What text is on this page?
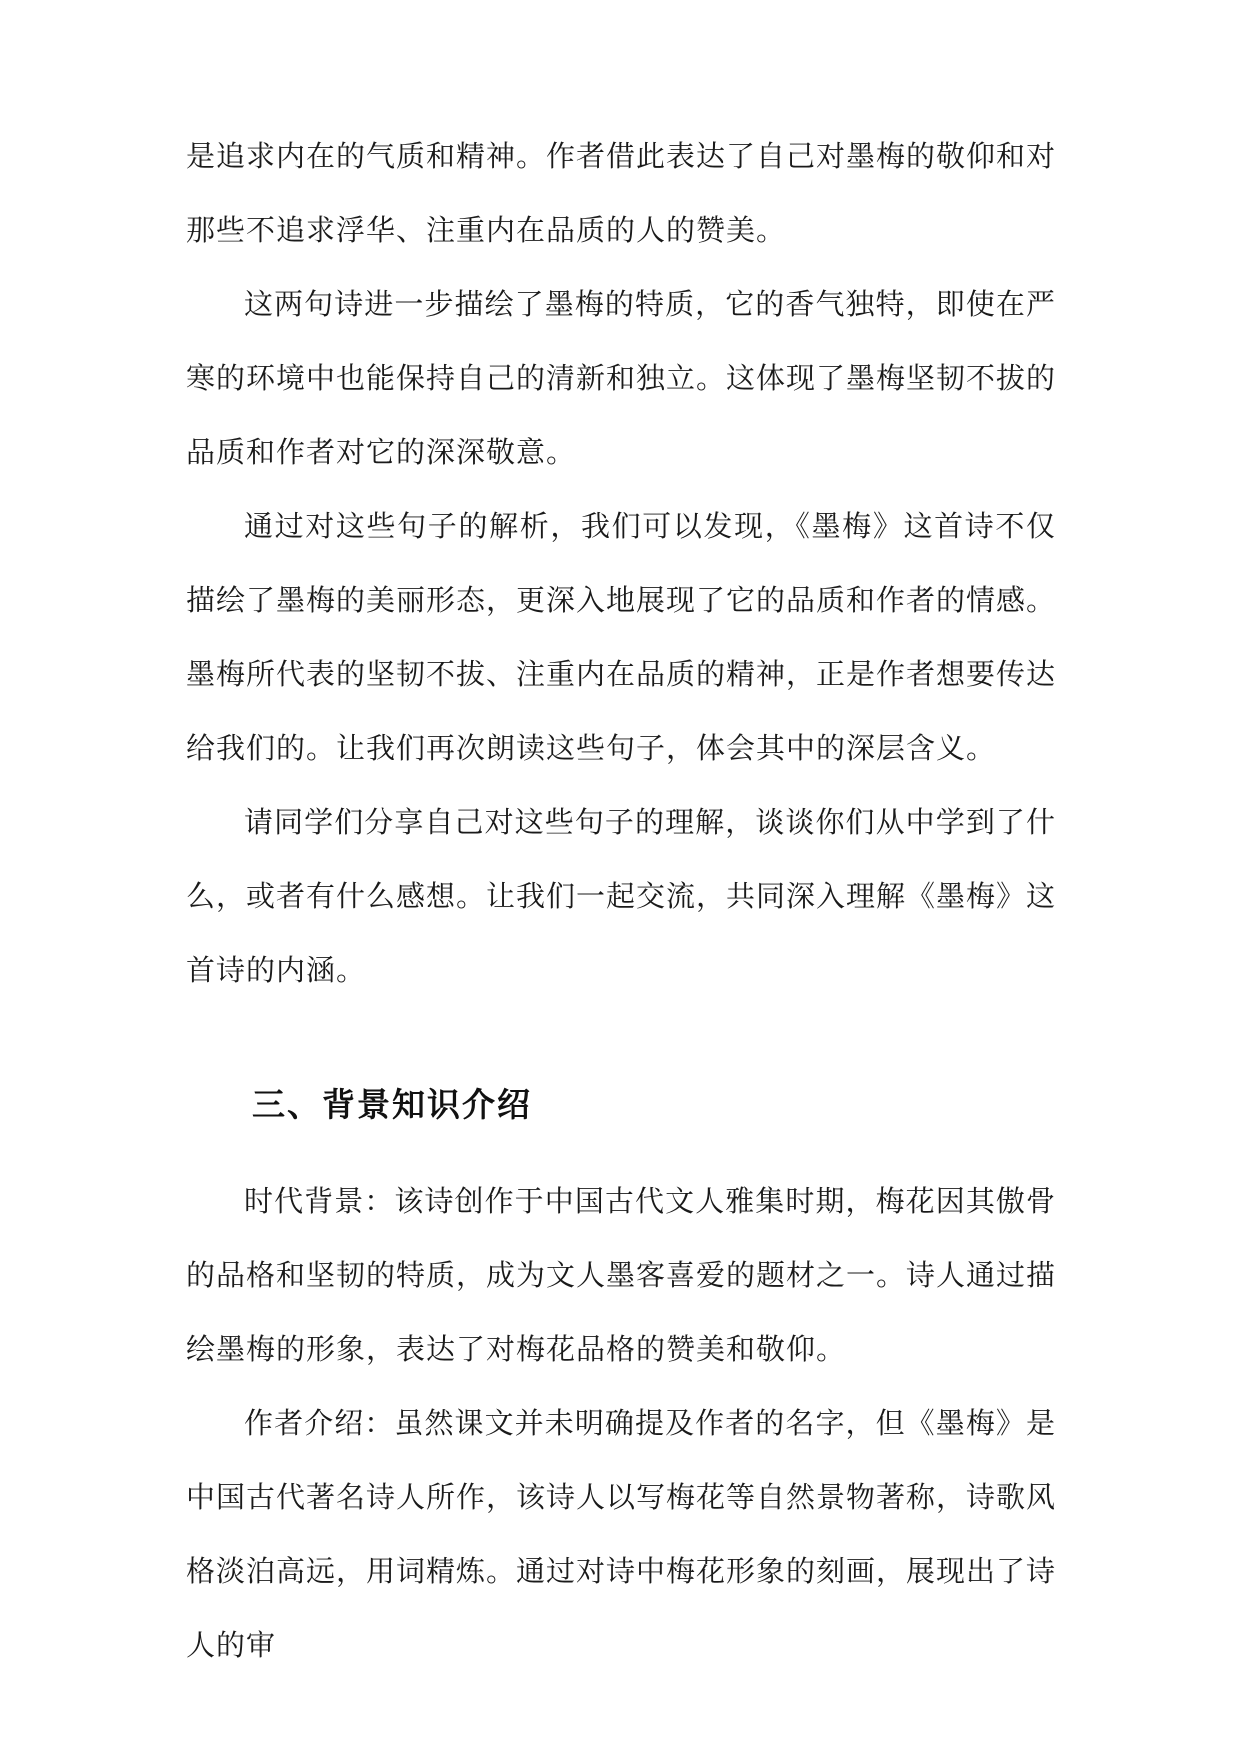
是追求内在的气质和精神。作者借此表达了自己对墨梅的敬仰和对那些不追求浮华、注重内在品质的人的赞美。

这两句诗进一步描绘了墨梅的特质，它的香气独特，即使在严寒的环境中也能保持自己的清新和独立。这体现了墨梅坚韧不拔的品质和作者对它的深深敬意。

通过对这些句子的解析，我们可以发现，《墨梅》这首诗不仅描绘了墨梅的美丽形态，更深入地展现了它的品质和作者的情感。墨梅所代表的坚韧不拔、注重内在品质的精神，正是作者想要传达给我们的。让我们再次朗读这些句子，体会其中的深层含义。

请同学们分享自己对这些句子的理解，谈谈你们从中学到了什么，或者有什么感想。让我们一起交流，共同深入理解《墨梅》这首诗的内涵。

三、背景知识介绍

时代背景：该诗创作于中国古代文人雅集时期，梅花因其傲骨的品格和坚韧的特质，成为文人墨客喜爱的题材之一。诗人通过描绘墨梅的形象，表达了对梅花品格的赞美和敬仰。

作者介绍：虽然课文并未明确提及作者的名字，但《墨梅》是中国古代著名诗人所作，该诗人以写梅花等自然景物著称，诗歌风格淡泊高远，用词精炼。通过对诗中梅花形象的刻画，展现出了诗人的审
